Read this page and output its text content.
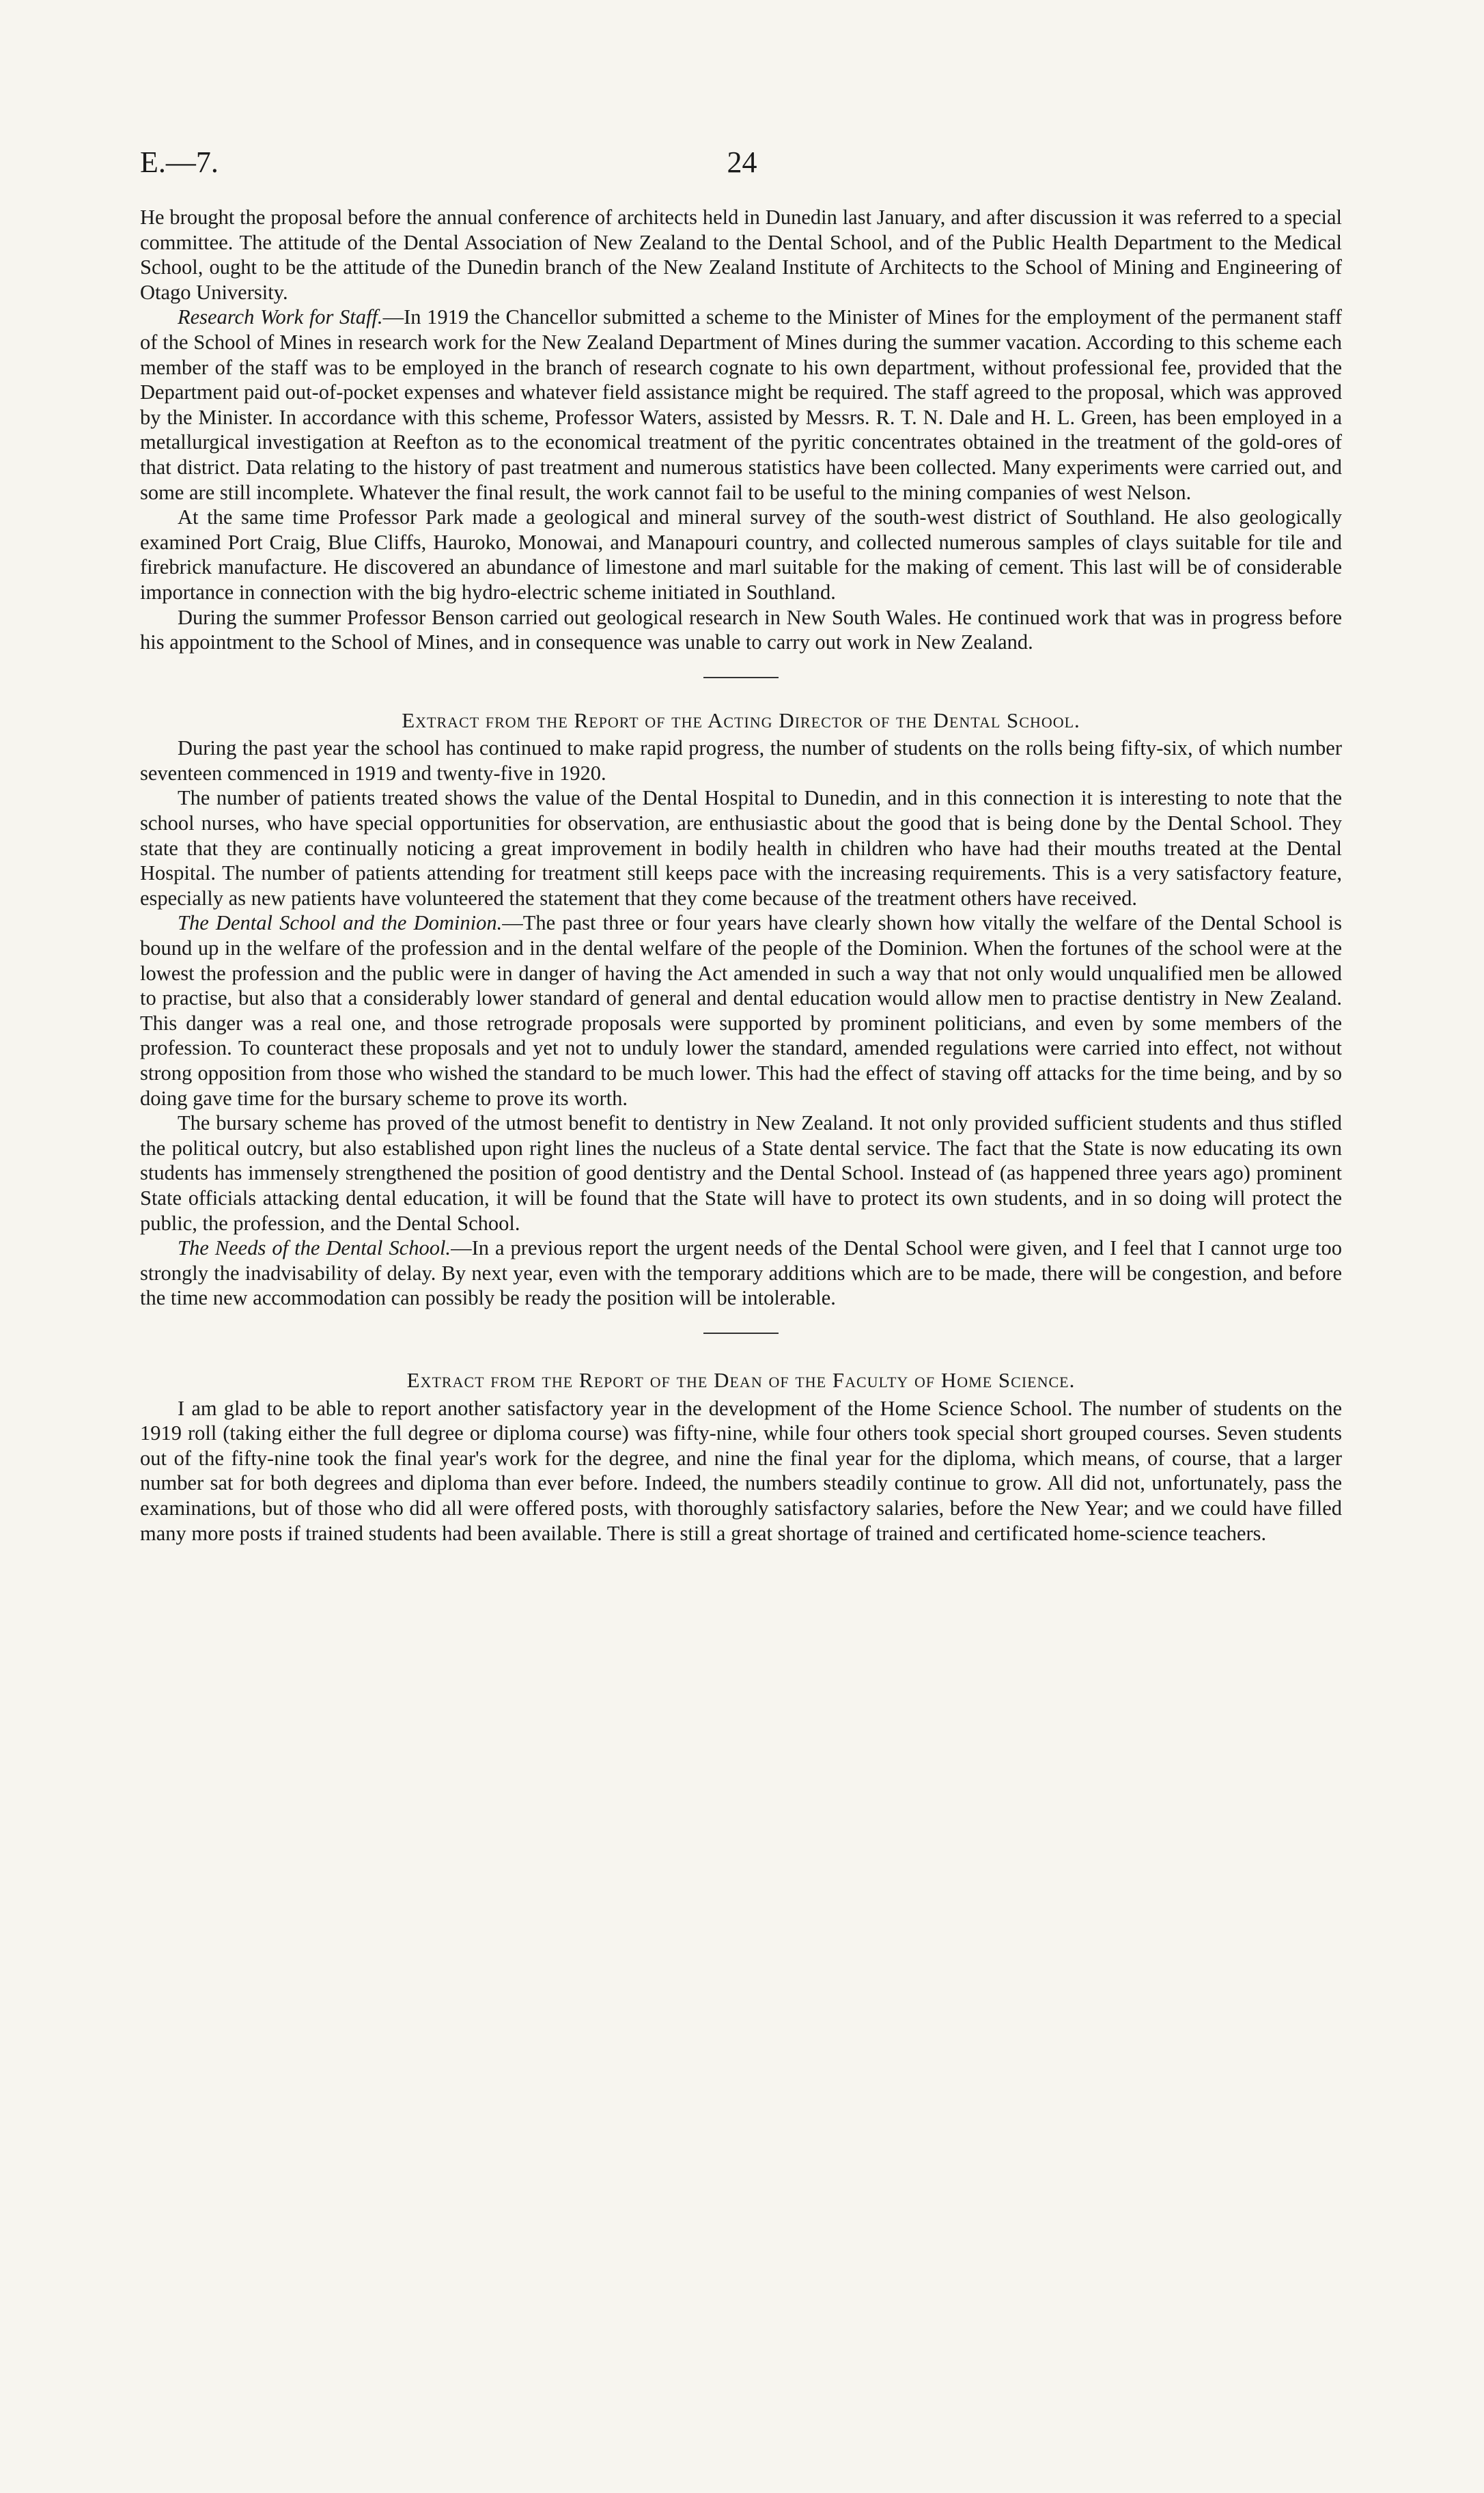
E.—7.	24

He brought the proposal before the annual conference of architects held in Dunedin last January, and after discussion it was referred to a special committee. The attitude of the Dental Association of New Zealand to the Dental School, and of the Public Health Department to the Medical School, ought to be the attitude of the Dunedin branch of the New Zealand Institute of Architects to the School of Mining and Engineering of Otago University.

Research Work for Staff.—In 1919 the Chancellor submitted a scheme to the Minister of Mines for the employment of the permanent staff of the School of Mines in research work for the New Zealand Department of Mines during the summer vacation. According to this scheme each member of the staff was to be employed in the branch of research cognate to his own department, without professional fee, provided that the Department paid out-of-pocket expenses and whatever field assistance might be required. The staff agreed to the proposal, which was approved by the Minister. In accordance with this scheme, Professor Waters, assisted by Messrs. R. T. N. Dale and H. L. Green, has been employed in a metallurgical investigation at Reefton as to the economical treatment of the pyritic concentrates obtained in the treatment of the gold-ores of that district. Data relating to the history of past treatment and numerous statistics have been collected. Many experiments were carried out, and some are still incomplete. Whatever the final result, the work cannot fail to be useful to the mining companies of west Nelson.

At the same time Professor Park made a geological and mineral survey of the south-west district of Southland. He also geologically examined Port Craig, Blue Cliffs, Hauroko, Monowai, and Manapouri country, and collected numerous samples of clays suitable for tile and firebrick manufacture. He discovered an abundance of limestone and marl suitable for the making of cement. This last will be of considerable importance in connection with the big hydro-electric scheme initiated in Southland.

During the summer Professor Benson carried out geological research in New South Wales. He continued work that was in progress before his appointment to the School of Mines, and in consequence was unable to carry out work in New Zealand.

Extract from the Report of the Acting Director of the Dental School.

During the past year the school has continued to make rapid progress, the number of students on the rolls being fifty-six, of which number seventeen commenced in 1919 and twenty-five in 1920.

The number of patients treated shows the value of the Dental Hospital to Dunedin, and in this connection it is interesting to note that the school nurses, who have special opportunities for observation, are enthusiastic about the good that is being done by the Dental School. They state that they are continually noticing a great improvement in bodily health in children who have had their mouths treated at the Dental Hospital. The number of patients attending for treatment still keeps pace with the increasing requirements. This is a very satisfactory feature, especially as new patients have volunteered the statement that they come because of the treatment others have received.

The Dental School and the Dominion.—The past three or four years have clearly shown how vitally the welfare of the Dental School is bound up in the welfare of the profession and in the dental welfare of the people of the Dominion. When the fortunes of the school were at the lowest the profession and the public were in danger of having the Act amended in such a way that not only would unqualified men be allowed to practise, but also that a considerably lower standard of general and dental education would allow men to practise dentistry in New Zealand. This danger was a real one, and those retrograde proposals were supported by prominent politicians, and even by some members of the profession. To counteract these proposals and yet not to unduly lower the standard, amended regulations were carried into effect, not without strong opposition from those who wished the standard to be much lower. This had the effect of staving off attacks for the time being, and by so doing gave time for the bursary scheme to prove its worth.

The bursary scheme has proved of the utmost benefit to dentistry in New Zealand. It not only provided sufficient students and thus stifled the political outcry, but also established upon right lines the nucleus of a State dental service. The fact that the State is now educating its own students has immensely strengthened the position of good dentistry and the Dental School. Instead of (as happened three years ago) prominent State officials attacking dental education, it will be found that the State will have to protect its own students, and in so doing will protect the public, the profession, and the Dental School.

The Needs of the Dental School.—In a previous report the urgent needs of the Dental School were given, and I feel that I cannot urge too strongly the inadvisability of delay. By next year, even with the temporary additions which are to be made, there will be congestion, and before the time new accommodation can possibly be ready the position will be intolerable.

Extract from the Report of the Dean of the Faculty of Home Science.

I am glad to be able to report another satisfactory year in the development of the Home Science School. The number of students on the 1919 roll (taking either the full degree or diploma course) was fifty-nine, while four others took special short grouped courses. Seven students out of the fifty-nine took the final year's work for the degree, and nine the final year for the diploma, which means, of course, that a larger number sat for both degrees and diploma than ever before. Indeed, the numbers steadily continue to grow. All did not, unfortunately, pass the examinations, but of those who did all were offered posts, with thoroughly satisfactory salaries, before the New Year; and we could have filled many more posts if trained students had been available. There is still a great shortage of trained and certificated home-science teachers.
